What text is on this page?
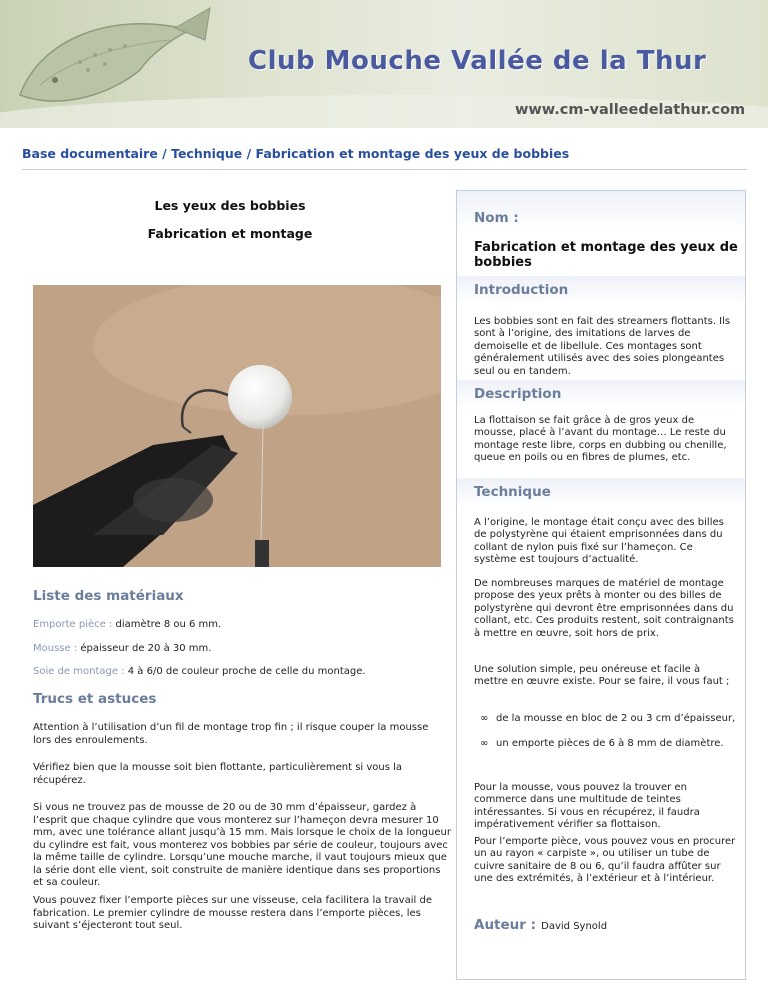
Club Mouche Vallée de la Thur
www.cm-valleedelathur.com
Base documentaire / Technique / Fabrication et montage des yeux de bobbies
Les yeux des bobbies
Fabrication et montage
Liste des matériaux
Emporte pièce : diamètre 8 ou 6 mm.
Mousse : épaisseur de 20 à 30 mm.
Soie de montage : 4 à 6/0 de couleur proche de celle du montage.
Trucs et astuces
Attention à l’utilisation d’un fil de montage trop fin ; il risque couper la mousse lors des enroulements.
Vérifiez bien que la mousse soit bien flottante, particulièrement si vous la récupérez.
Si vous ne trouvez pas de mousse de 20 ou de 30 mm d’épaisseur, gardez à l’esprit que chaque cylindre que vous monterez sur l’hameçon devra mesurer 10 mm, avec une tolérance allant jusqu’à 15 mm. Mais lorsque le choix de la longueur du cylindre est fait, vous monterez vos bobbies par série de couleur, toujours avec la même taille de cylindre. Lorsqu’une mouche marche, il vaut toujours mieux que la série dont elle vient, soit construite de manière identique dans ses proportions et sa couleur.
Vous pouvez fixer l’emporte pièces sur une visseuse, cela facilitera la travail de fabrication. Le premier cylindre de mousse restera dans l’emporte pièces, les suivant s’éjecteront tout seul.
Nom :
Fabrication et montage des yeux de bobbies
Introduction
Les bobbies sont en fait des streamers flottants. Ils sont à l’origine, des imitations de larves de demoiselle et de libellule. Ces montages sont généralement utilisés avec des soies plongeantes seul ou en tandem.
Description
La flottaison se fait grâce à de gros yeux de mousse, placé à l’avant du montage… Le reste du montage reste libre, corps en dubbing ou chenille, queue en poils ou en fibres de plumes, etc.
Technique
A l’origine, le montage était conçu avec des billes de polystyrène qui étaient emprisonnées dans du collant de nylon puis fixé sur l’hameçon. Ce système est toujours d’actualité.
De nombreuses marques de matériel de montage propose des yeux prêts à monter ou des billes de polystyrène qui devront être emprisonnées dans du collant, etc. Ces produits restent, soit contraignants à mettre en œuvre, soit hors de prix.
Une solution simple, peu onéreuse et facile à mettre en œuvre existe. Pour se faire, il vous faut ;
∞ de la mousse en bloc de 2 ou 3 cm d’épaisseur,
∞ un emporte pièces de 6 à 8 mm de diamètre.
Pour la mousse, vous pouvez la trouver en commerce dans une multitude de teintes intéressantes. Si vous en récupérez, il faudra impérativement vérifier sa flottaison.
Pour l’emporte pièce, vous pouvez vous en procurer un au rayon « carpiste », ou utiliser un tube de cuivre sanitaire de 8 ou 6, qu’il faudra affûter sur une des extrémités, à l’extérieur et à l’intérieur.
Auteur : David Synold
